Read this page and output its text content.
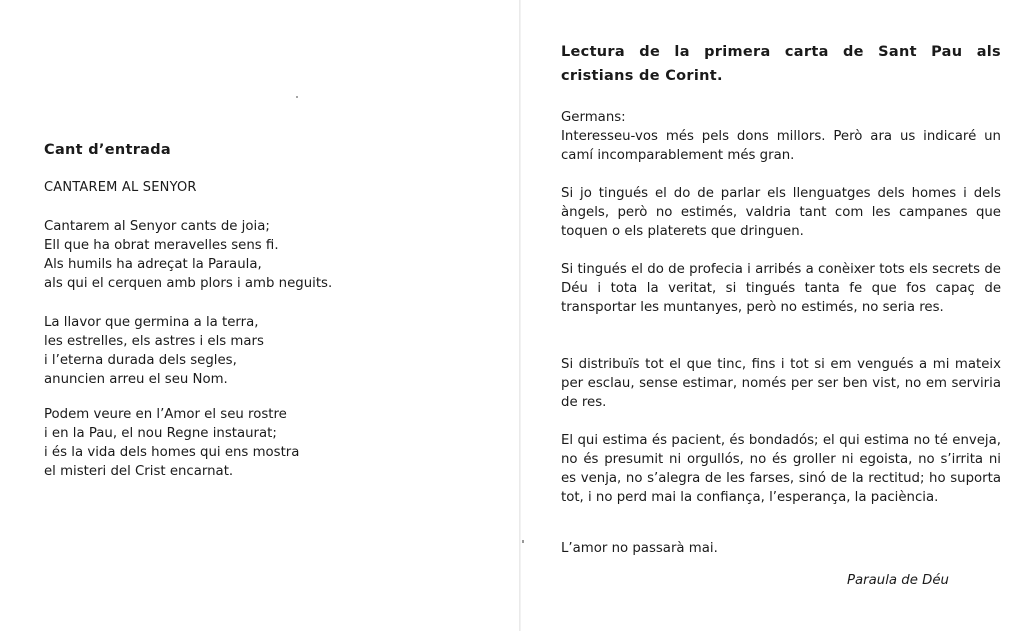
Cant d’entrada
CANTAREM AL SENYOR
Cantarem al Senyor cants de joia;
Ell que ha obrat meravelles sens fi.
Als humils ha adreçat la Paraula,
als qui el cerquen amb plors i amb neguits.
La llavor que germina a la terra,
les estrelles, els astres i els mars
i l’eterna durada dels segles,
anuncien arreu el seu Nom.
Podem veure en l’Amor el seu rostre
i en la Pau, el nou Regne instaurat;
i és la vida dels homes qui ens mostra
el misteri del Crist encarnat.
Lectura de la primera carta de Sant Pau als cristians de Corint.
Germans:
Interesseu-vos més pels dons millors. Però ara us indicaré un camí incomparablement més gran.
Si jo tingués el do de parlar els llenguatges dels homes i dels àngels, però no estimés, valdria tant com les campanes que toquen o els platerets que dringuen.
Si tingués el do de profecia i arribés a conèixer tots els secrets de Déu i tota la veritat, si tingués tanta fe que fos capaç de transportar les muntanyes, però no estimés, no seria res.
Si distribuïs tot el que tinc, fins i tot si em vengués a mi mateix per esclau, sense estimar, només per ser ben vist, no em serviria de res.
El qui estima és pacient, és bondadós; el qui estima no té enveja, no és presumit ni orgullós, no és groller ni egoista, no s’irrita ni es venja, no s’alegra de les farses, sinó de la rectitud; ho suporta tot, i no perd mai la confiança, l’esperança, la paciència.
L’amor no passarà mai.
Paraula de Déu
